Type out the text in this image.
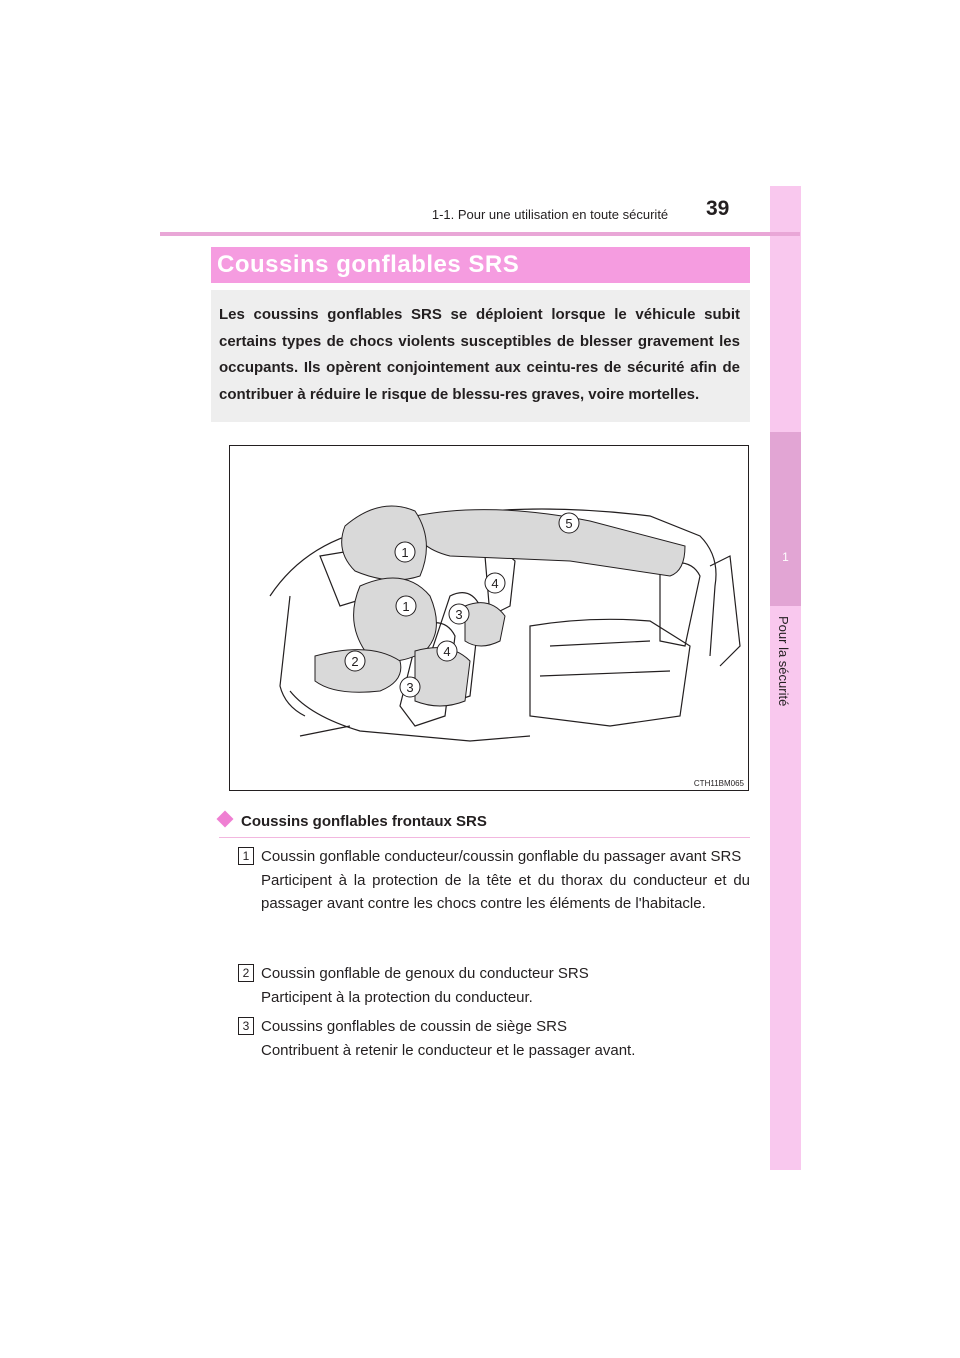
1
Pour la sécurité
1-1. Pour une utilisation en toute sécurité	39
Coussins gonflables SRS

Les coussins gonflables SRS se déploient lorsque le véhicule subit certains types de chocs violents susceptibles de blesser gravement les occupants. Ils opèrent conjointement aux ceintu-res de sécurité afin de contribuer à réduire le risque de blessu-res graves, voire mortelles.

5
1
4
1
3
4
2
3
CTH11BM065
Coussins gonflables frontaux SRS
1 Coussin gonflable conducteur/coussin gonflable du passager avant SRS
Participent à la protection de la tête et du thorax du conducteur et du passager avant contre les chocs contre les éléments de l'habitacle.
2 Coussin gonflable de genoux du conducteur SRS
Participent à la protection du conducteur.
3 Coussins gonflables de coussin de siège SRS
Contribuent à retenir le conducteur et le passager avant.
